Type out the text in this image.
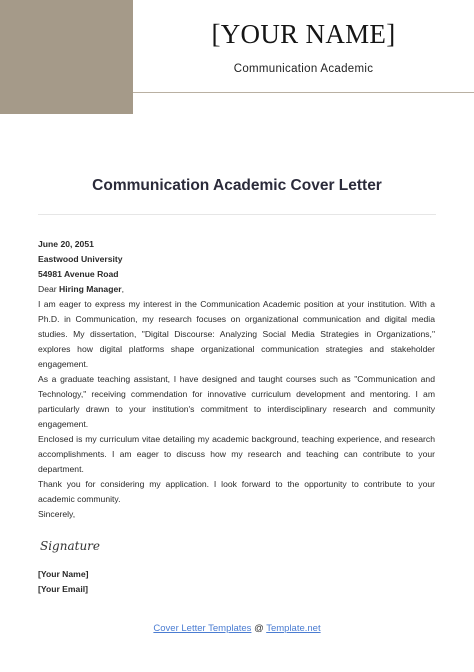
[YOUR NAME]
Communication Academic
Communication Academic Cover Letter

June 20, 2051

Eastwood University

54981 Avenue Road

Dear Hiring Manager,

I am eager to express my interest in the Communication Academic position at your institution. With a Ph.D. in Communication, my research focuses on organizational communication and digital media studies. My dissertation, "Digital Discourse: Analyzing Social Media Strategies in Organizations," explores how digital platforms shape organizational communication strategies and stakeholder engagement.

As a graduate teaching assistant, I have designed and taught courses such as "Communication and Technology," receiving commendation for innovative curriculum development and mentoring. I am particularly drawn to your institution's commitment to interdisciplinary research and community engagement.

Enclosed is my curriculum vitae detailing my academic background, teaching experience, and research accomplishments. I am eager to discuss how my research and teaching can contribute to your department.

Thank you for considering my application. I look forward to the opportunity to contribute to your academic community.

Sincerely,

Signature

[Your Name]

[Your Email]

Cover Letter Templates @ Template.net
